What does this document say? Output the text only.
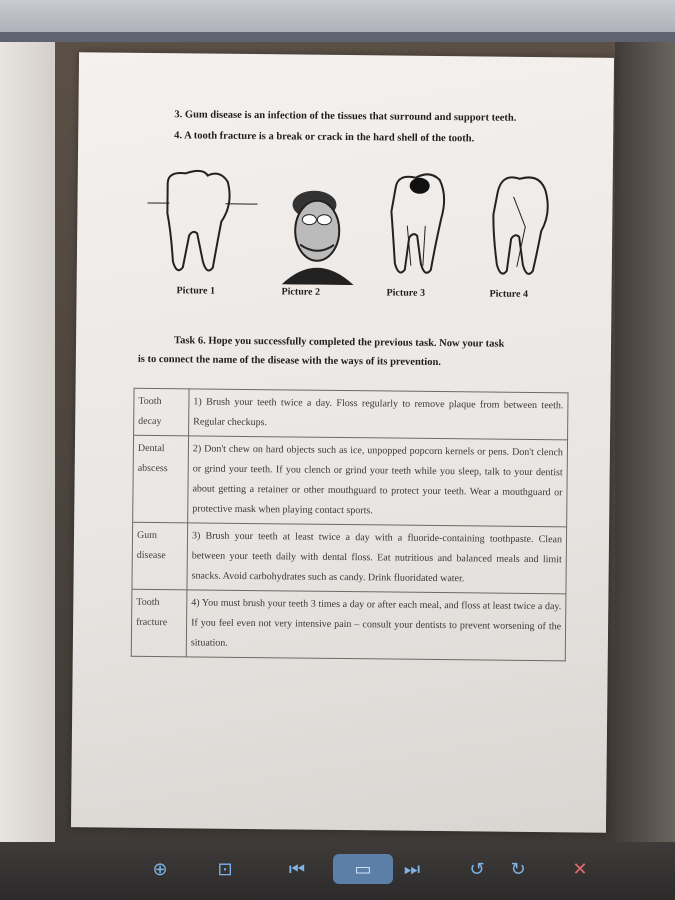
3. Gum disease is an infection of the tissues that surround and support teeth.
4. A tooth fracture is a break or crack in the hard shell of the tooth.
Picture 1	Picture 2	Picture 3	Picture 4
Task 6. Hope you successfully completed the previous task. Now your task
is to connect the name of the disease with the ways of its prevention.
Tooth decay	1) Brush your teeth twice a day. Floss regularly to remove plaque from between teeth. Regular checkups.
Dental abscess	2) Don't chew on hard objects such as ice, unpopped popcorn kernels or pens. Don't clench or grind your teeth. If you clench or grind your teeth while you sleep, talk to your dentist about getting a retainer or other mouthguard to protect your teeth. Wear a mouthguard or protective mask when playing contact sports.
Gum disease	3) Brush your teeth at least twice a day with a fluoride-containing toothpaste. Clean between your teeth daily with dental floss. Eat nutritious and balanced meals and limit snacks. Avoid carbohydrates such as candy. Drink fluoridated water.
Tooth fracture	4) You must brush your teeth 3 times a day or after each meal, and floss at least twice a day. If you feel even not very intensive pain – consult your dentists to prevent worsening of the situation.
⊕	⊡	⏮	▭	⏭	↺	↻	✕
